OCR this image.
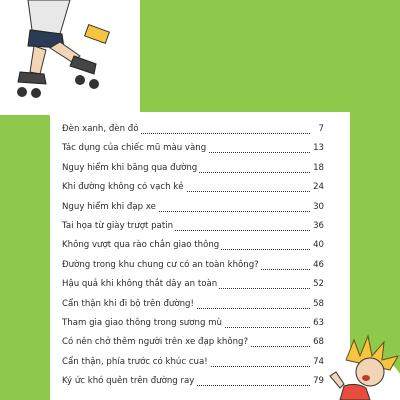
Đèn xanh, đèn đỏ	7
Tác dụng của chiếc mũ màu vàng	13
Nguy hiểm khi băng qua đường	18
Khi đường không có vạch kẻ	24
Nguy hiểm khi đạp xe	30
Tai họa từ giày trượt patin	36
Không vượt qua rào chắn giao thông	40
Đường trong khu chung cư có an toàn không?	46
Hậu quả khi không thắt dây an toàn	52
Cẩn thận khi đi bộ trên đường!	58
Tham gia giao thông trong sương mù	63
Có nên chở thêm người trên xe đạp không?	68
Cẩn thận, phía trước có khúc cua!	74
Ký ức khó quên trên đường ray	79
